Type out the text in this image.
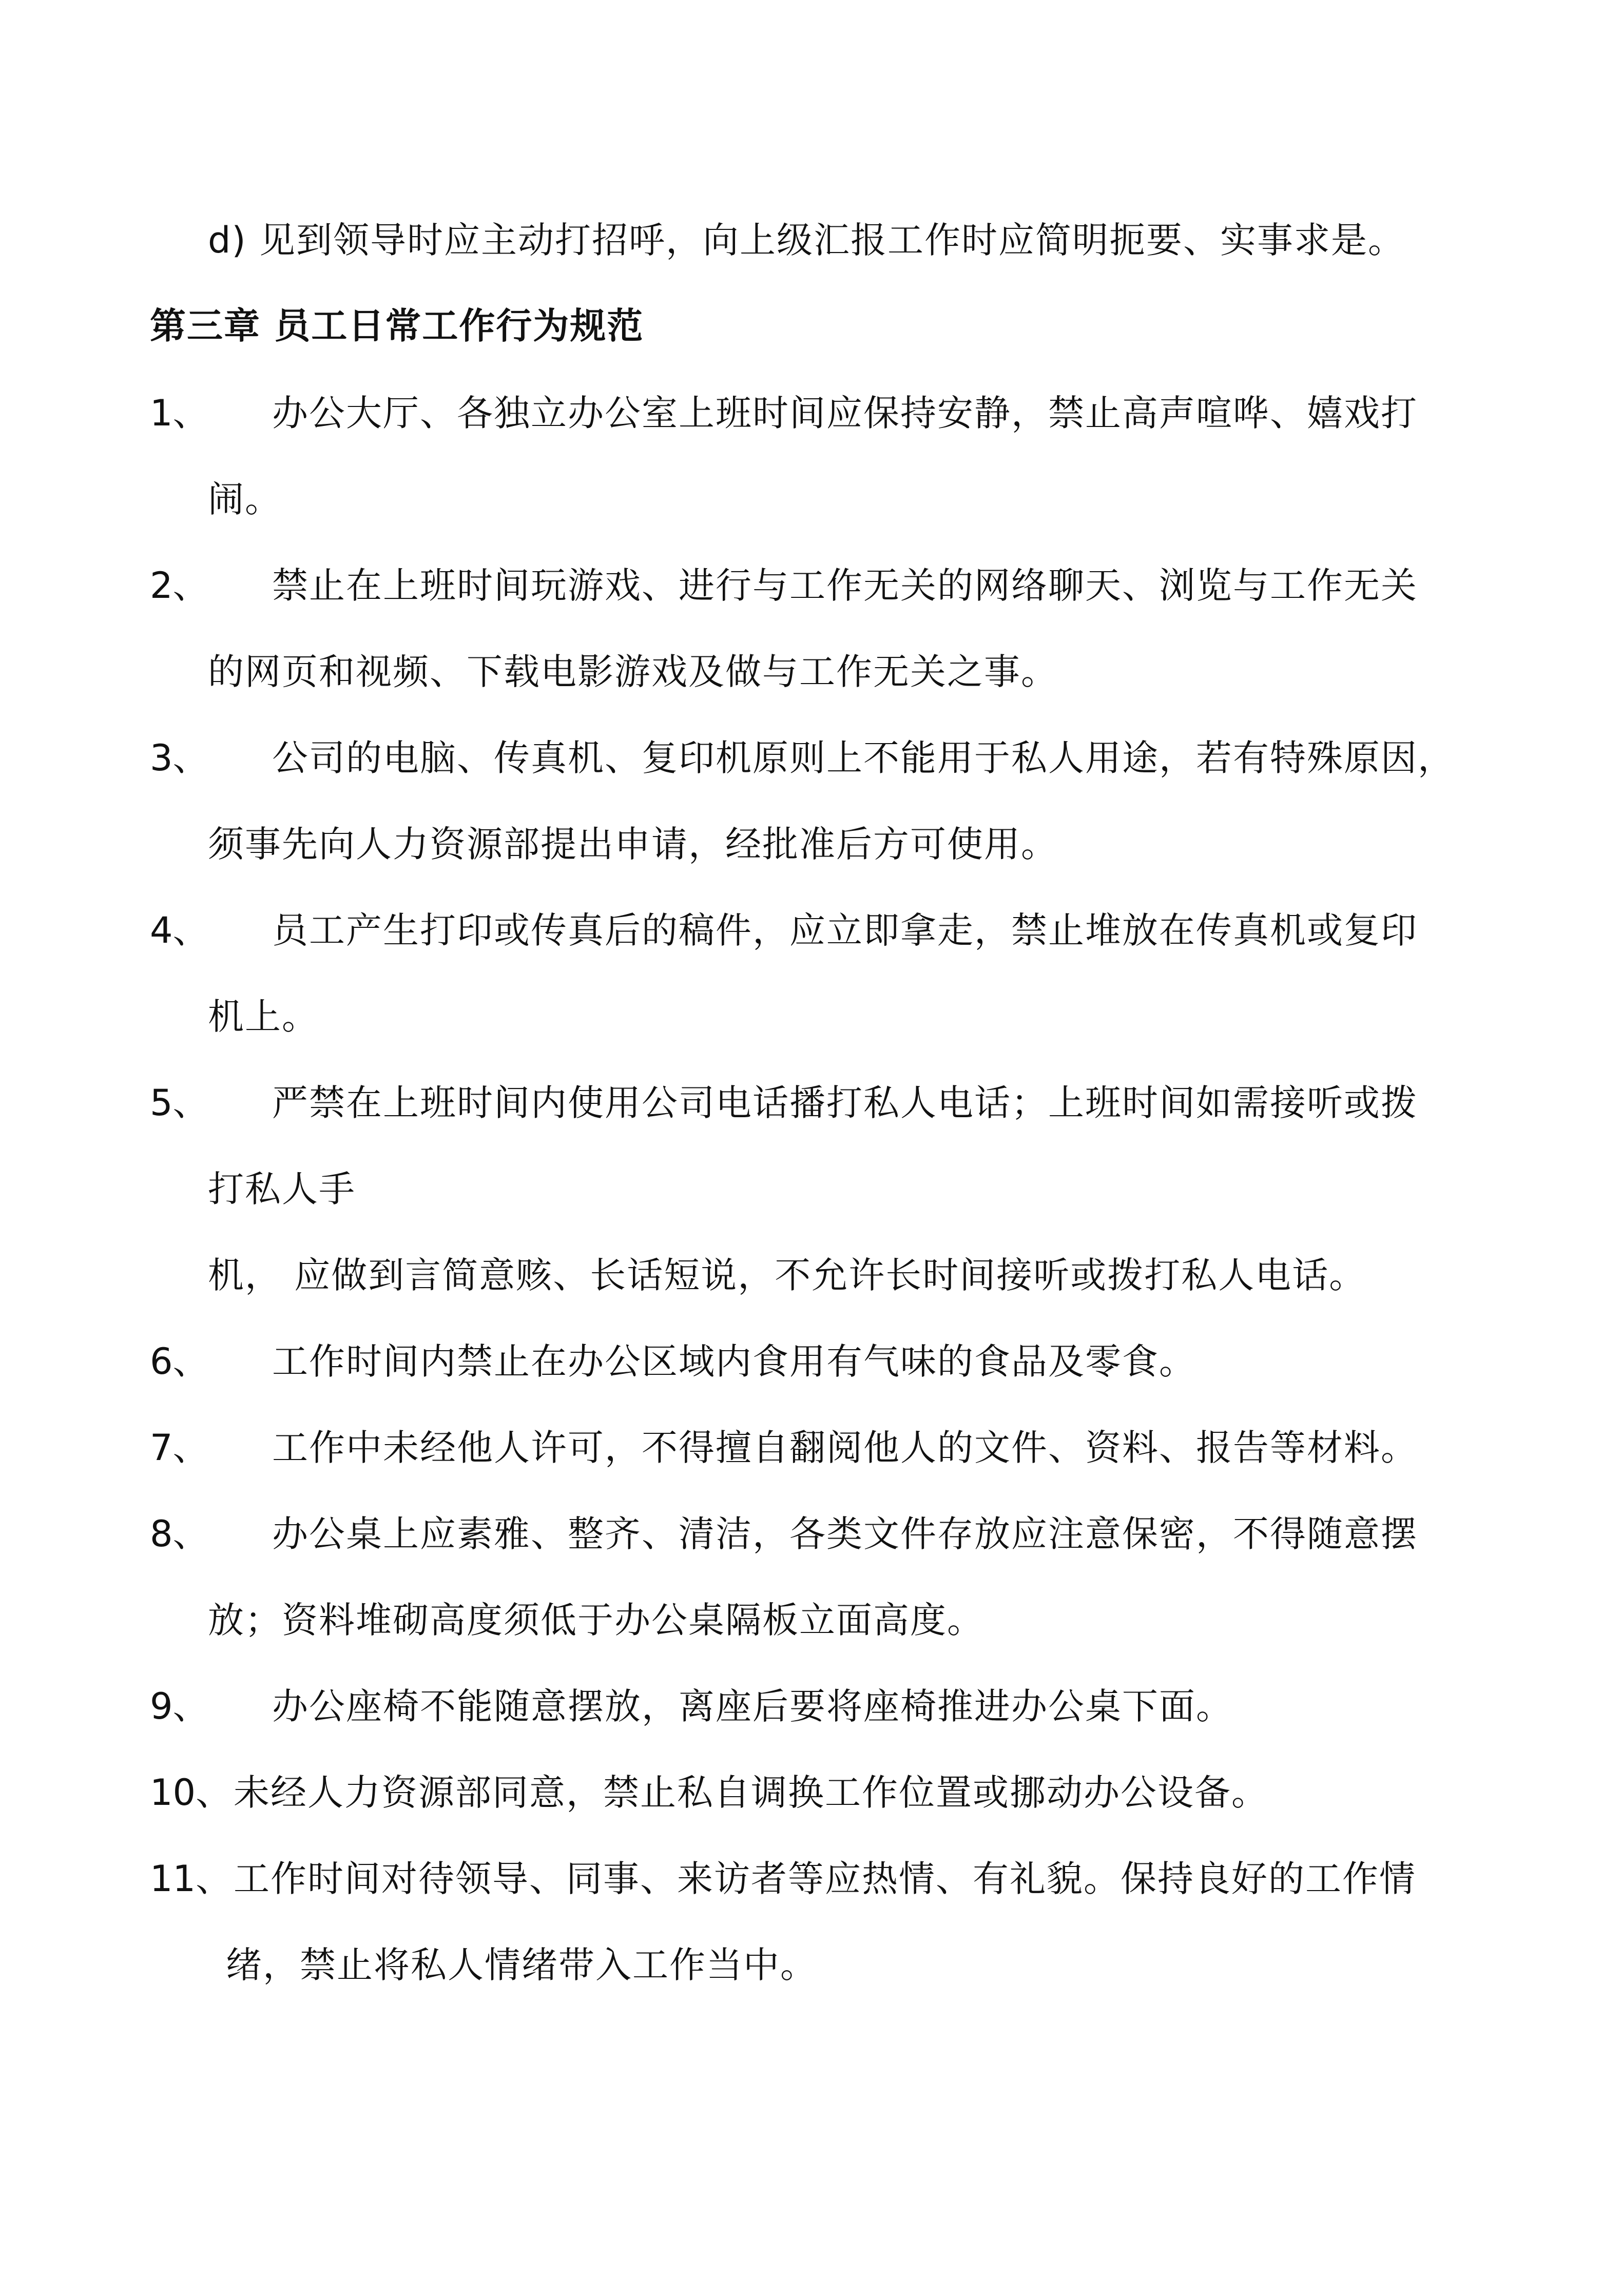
d) 见到领导时应主动打招呼，向上级汇报工作时应简明扼要、实事求是。
第三章 员工日常工作行为规范
1、 办公大厅、各独立办公室上班时间应保持安静，禁止高声喧哗、嬉戏打
闹。
2、 禁止在上班时间玩游戏、进行与工作无关的网络聊天、浏览与工作无关
的网页和视频、下载电影游戏及做与工作无关之事。
3、 公司的电脑、传真机、复印机原则上不能用于私人用途，若有特殊原因，
须事先向人力资源部提出申请，经批准后方可使用。
4、 员工产生打印或传真后的稿件，应立即拿走，禁止堆放在传真机或复印
机上。
5、 严禁在上班时间内使用公司电话播打私人电话；上班时间如需接听或拨
打私人手
机， 应做到言简意赅、长话短说，不允许长时间接听或拨打私人电话。
6、 工作时间内禁止在办公区域内食用有气味的食品及零食。
7、 工作中未经他人许可，不得擅自翻阅他人的文件、资料、报告等材料。
8、 办公桌上应素雅、整齐、清洁，各类文件存放应注意保密，不得随意摆
放；资料堆砌高度须低于办公桌隔板立面高度。
9、 办公座椅不能随意摆放，离座后要将座椅推进办公桌下面。
10、 未经人力资源部同意，禁止私自调换工作位置或挪动办公设备。
11、 工作时间对待领导、同事、来访者等应热情、有礼貌。保持良好的工作情
绪，禁止将私人情绪带入工作当中。
